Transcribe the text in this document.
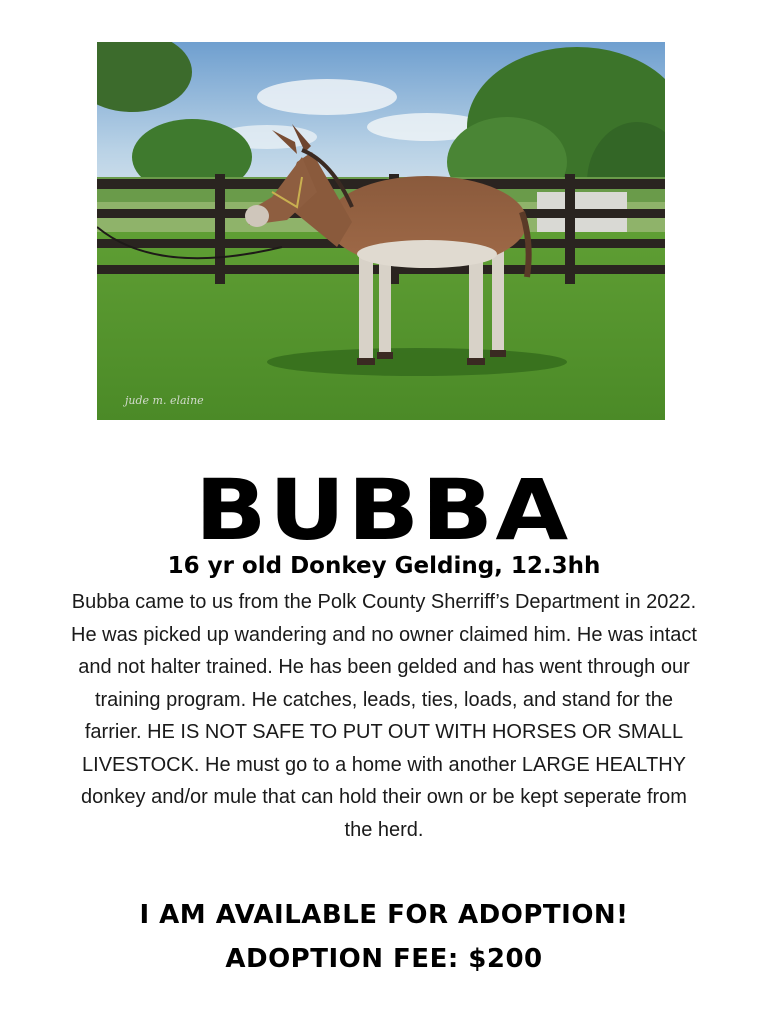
jude m. elaine
BUBBA
16 yr old Donkey Gelding, 12.3hh
Bubba came to us from the Polk County Sherriff’s Department in 2022. He was picked up wandering and no owner claimed him. He was intact and not halter trained. He has been gelded and has went through our training program. He catches, leads, ties, loads, and stand for the farrier. HE IS NOT SAFE TO PUT OUT WITH HORSES OR SMALL LIVESTOCK. He must go to a home with another LARGE HEALTHY donkey and/or mule that can hold their own or be kept seperate from the herd.
I AM AVAILABLE FOR ADOPTION!
ADOPTION FEE: $200
